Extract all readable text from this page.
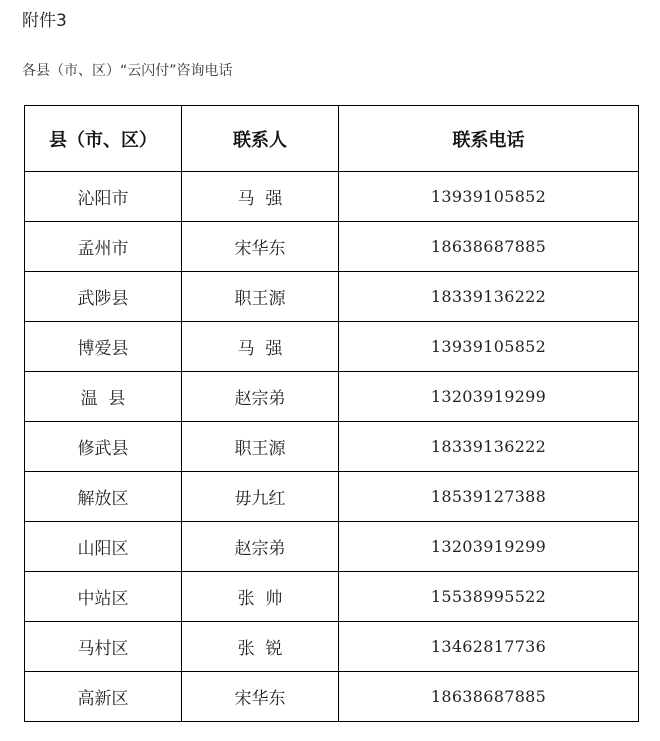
附件3
各县（市、区）“云闪付”咨询电话
县（市、区）	联系人	联系电话
沁阳市	马  强	13939105852
孟州市	宋华东	18638687885
武陟县	职王源	18339136222
博爱县	马  强	13939105852
温  县	赵宗弟	13203919299
修武县	职王源	18339136222
解放区	毋九红	18539127388
山阳区	赵宗弟	13203919299
中站区	张  帅	15538995522
马村区	张  锐	13462817736
高新区	宋华东	18638687885
